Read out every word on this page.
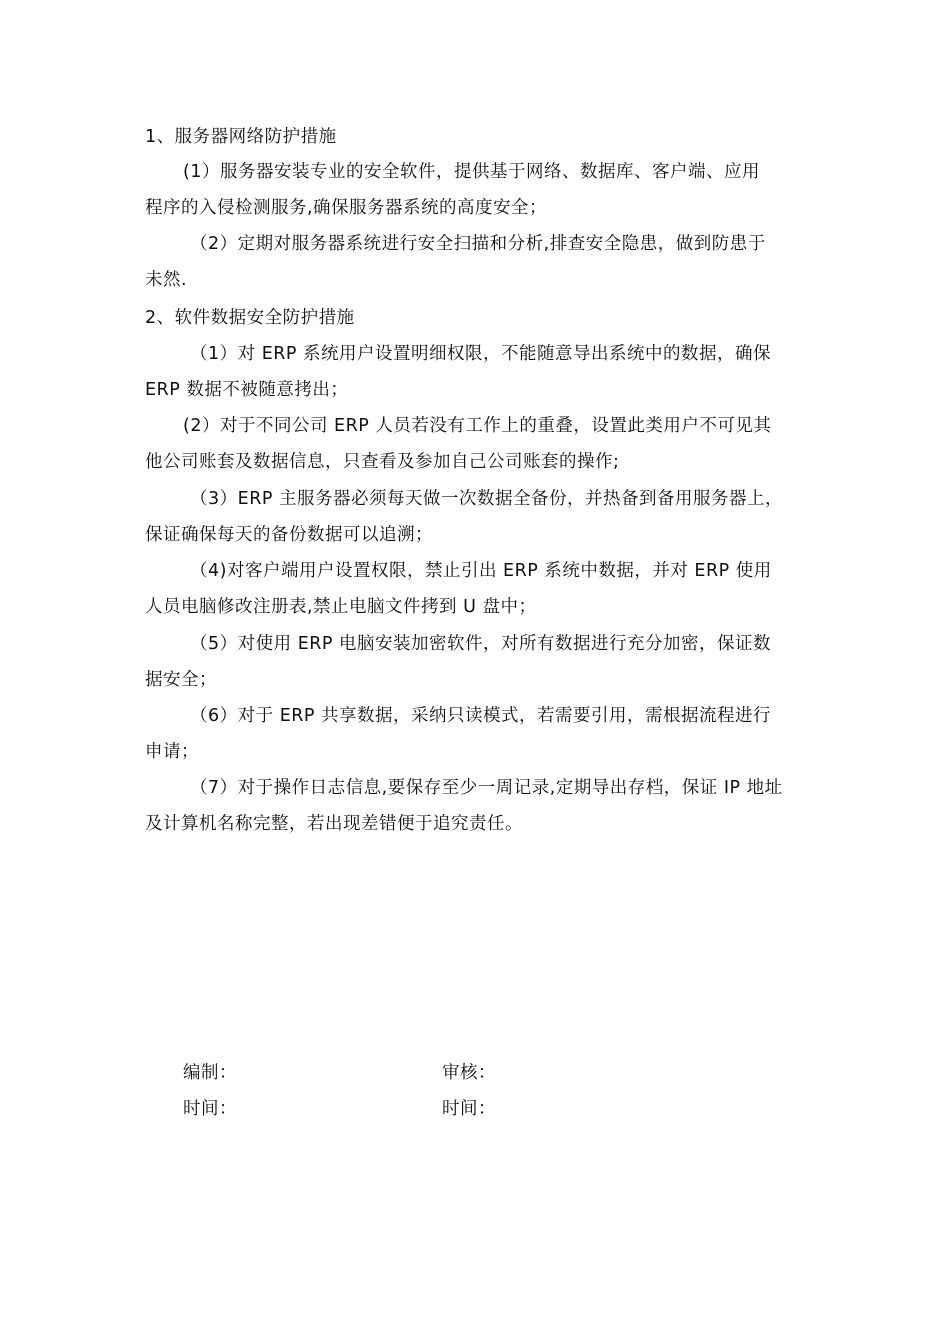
1、服务器网络防护措施
(1）服务器安装专业的安全软件，提供基于网络、数据库、客户端、应用
程序的入侵检测服务,确保服务器系统的高度安全；
（2）定期对服务器系统进行安全扫描和分析,排查安全隐患，做到防患于
未然.
2、软件数据安全防护措施
（1）对 ERP 系统用户设置明细权限，不能随意导出系统中的数据，确保
ERP 数据不被随意拷出；
(2）对于不同公司 ERP 人员若没有工作上的重叠，设置此类用户不可见其
他公司账套及数据信息，只查看及参加自己公司账套的操作;
（3）ERP 主服务器必须每天做一次数据全备份，并热备到备用服务器上，
保证确保每天的备份数据可以追溯；
（4)对客户端用户设置权限，禁止引出 ERP 系统中数据，并对 ERP 使用
人员电脑修改注册表,禁止电脑文件拷到 U 盘中；
（5）对使用 ERP 电脑安装加密软件，对所有数据进行充分加密，保证数
据安全；
（6）对于 ERP 共享数据，采纳只读模式，若需要引用，需根据流程进行
申请；
（7）对于操作日志信息,要保存至少一周记录,定期导出存档，保证 IP 地址
及计算机名称完整，若出现差错便于追究责任。
编制：	审核：
时间：	时间：
